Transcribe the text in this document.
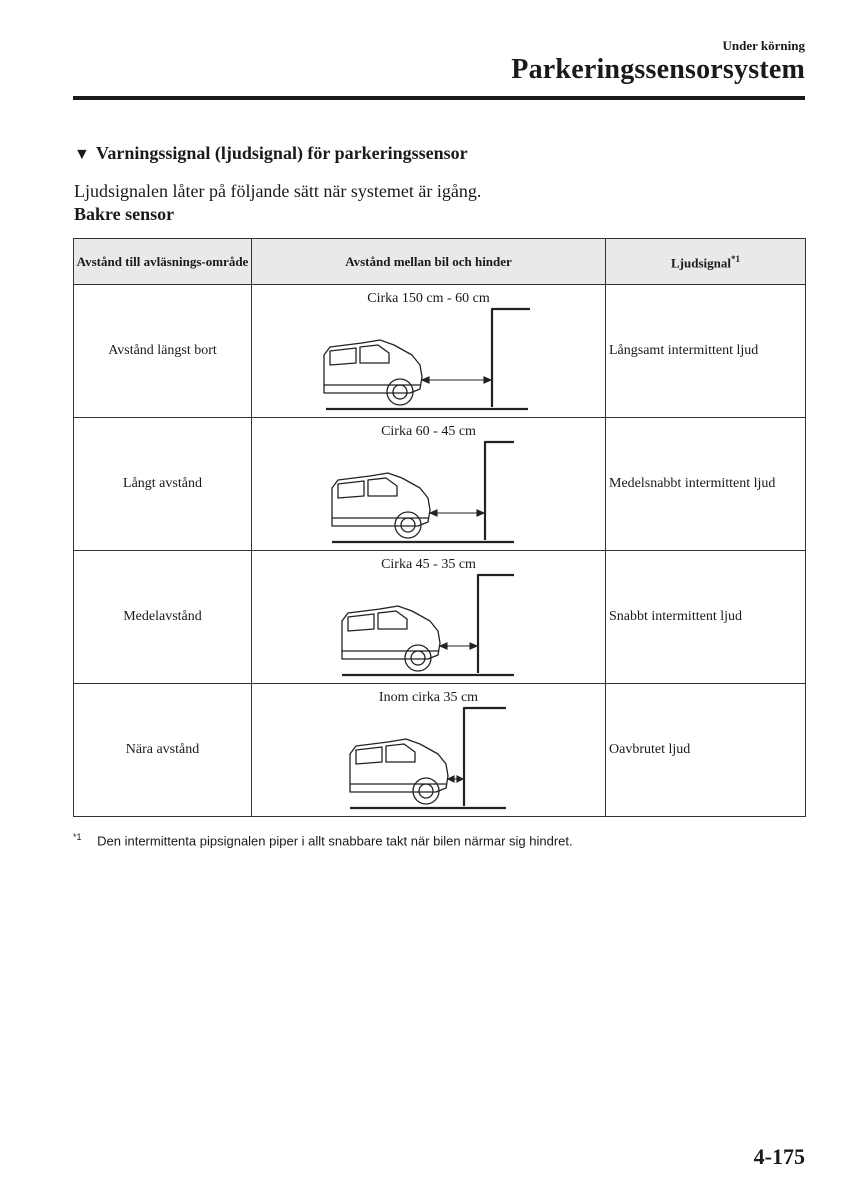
Under körning
Parkeringssensorsystem
▼ Varningssignal (ljudsignal) för parkeringssensor
Ljudsignalen låter på följande sätt när systemet är igång.
Bakre sensor
Avstånd till avläsnings-område	Avstånd mellan bil och hinder	Ljudsignal$^{*1}$
Avstånd längst bort	Cirka 150 cm - 60 cm	Långsamt intermittent ljud
Långt avstånd	Cirka 60 - 45 cm	Medelsnabbt intermittent ljud
Medelavstånd	Cirka 45 - 35 cm	Snabbt intermittent ljud
Nära avstånd	Inom cirka 35 cm	Oavbrutet ljud
$^{*1}$ Den intermittenta pipsignalen piper i allt snabbare takt när bilen närmar sig hindret.
4-175
